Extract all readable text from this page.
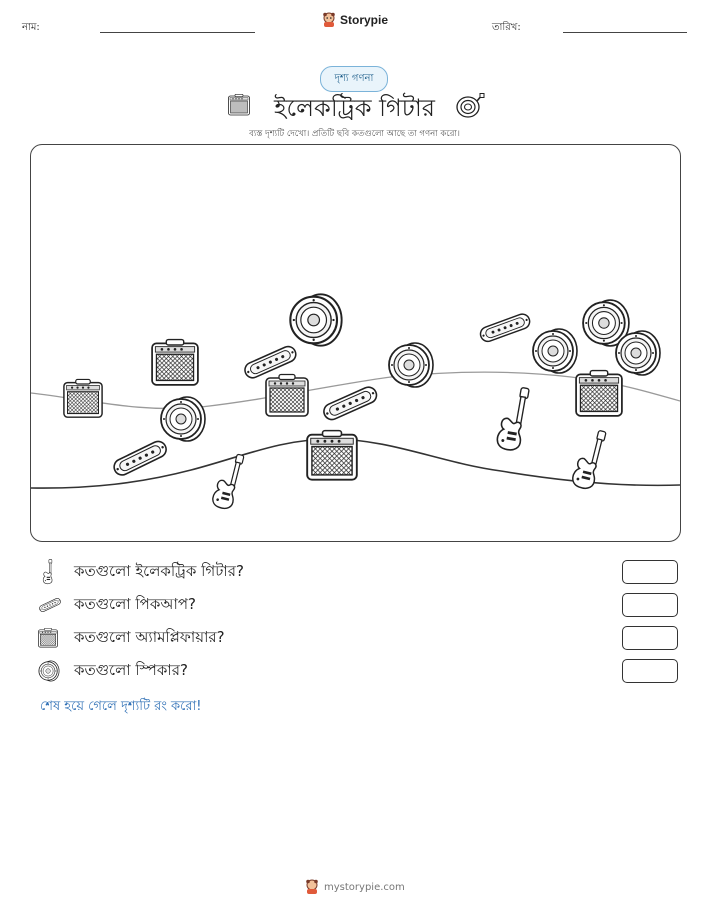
নাম:
Storypie
তারিখ:
দৃশ্য গণনা
ইলেকট্রিক গিটার
ব্যস্ত দৃশ্যটি দেখো। প্রতিটি ছবি কতগুলো আছে তা গণনা করো।
কতগুলো ইলেকট্রিক গিটার?
কতগুলো পিকআপ?
কতগুলো অ্যামপ্লিফায়ার?
কতগুলো স্পিকার?
শেষ হয়ে গেলে দৃশ্যটি রং করো!
mystorypie.com
